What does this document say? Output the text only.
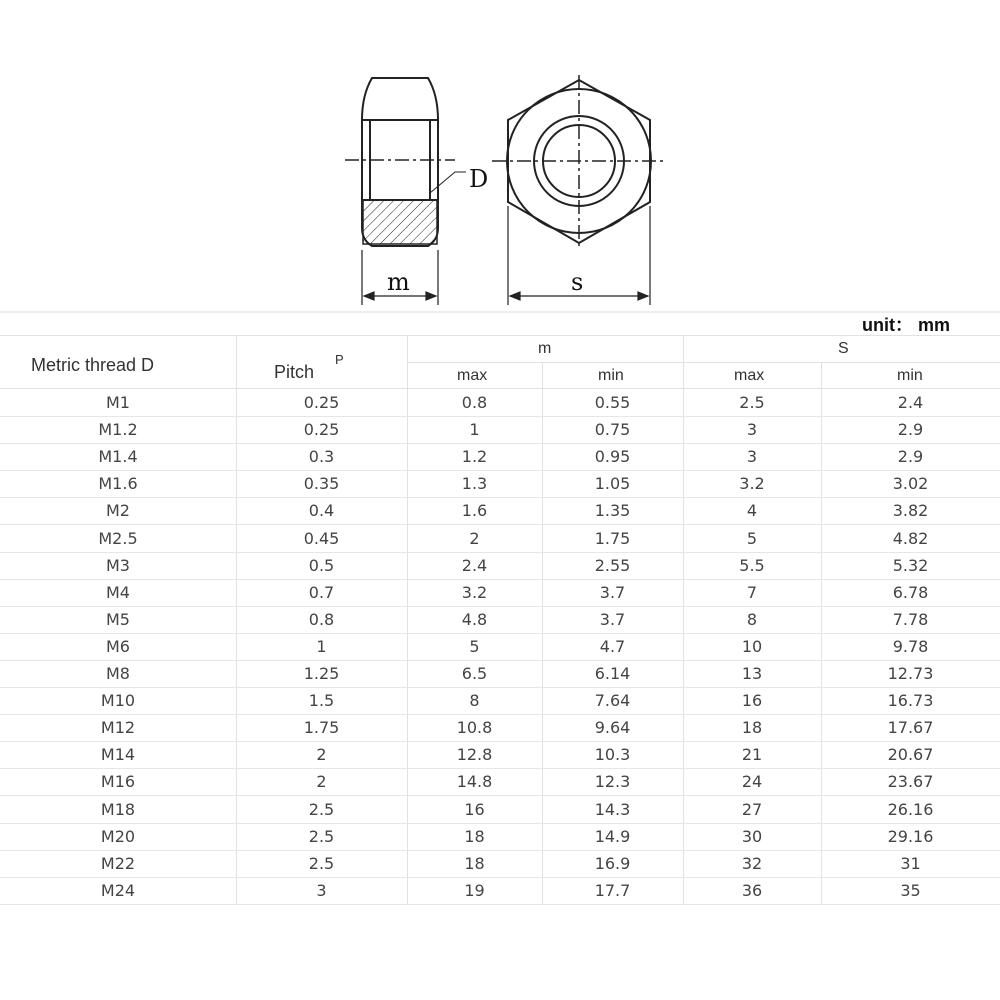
D
m	s
unit： mm
Metric thread D	Pitch
P
m	S
max	min	max	min
M1	0.25	0.8	0.55	2.5	2.4
M1.2	0.25	1	0.75	3	2.9
M1.4	0.3	1.2	0.95	3	2.9
M1.6	0.35	1.3	1.05	3.2	3.02
M2	0.4	1.6	1.35	4	3.82
M2.5	0.45	2	1.75	5	4.82
M3	0.5	2.4	2.55	5.5	5.32
M4	0.7	3.2	3.7	7	6.78
M5	0.8	4.8	3.7	8	7.78
M6	1	5	4.7	10	9.78
M8	1.25	6.5	6.14	13	12.73
M10	1.5	8	7.64	16	16.73
M12	1.75	10.8	9.64	18	17.67
M14	2	12.8	10.3	21	20.67
M16	2	14.8	12.3	24	23.67
M18	2.5	16	14.3	27	26.16
M20	2.5	18	14.9	30	29.16
M22	2.5	18	16.9	32	31
M24	3	19	17.7	36	35
